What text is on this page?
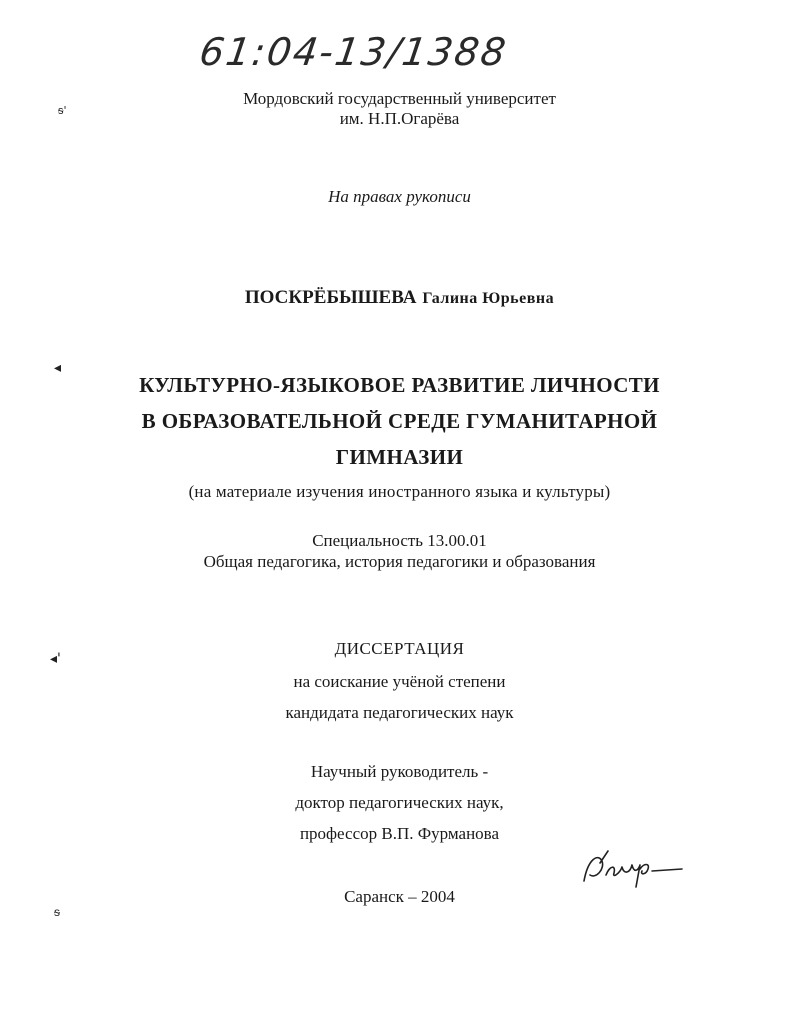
61:04-13/1388
Мордовский государственный университет
им. Н.П.Огарёва
На правах рукописи
ПОСКРЁБЫШЕВА Галина Юрьевна
КУЛЬТУРНО-ЯЗЫКОВОЕ РАЗВИТИЕ ЛИЧНОСТИ
В ОБРАЗОВАТЕЛЬНОЙ СРЕДЕ ГУМАНИТАРНОЙ
ГИМНАЗИИ
(на материале изучения иностранного языка и культуры)
Специальность 13.00.01
Общая педагогика, история педагогики и образования
ДИССЕРТАЦИЯ
на соискание учёной степени
кандидата педагогических наук
Научный руководитель -
доктор педагогических наук,
профессор В.П. Фурманова
Саранск – 2004
ᵴ'
◂
◂'
ᵴ
